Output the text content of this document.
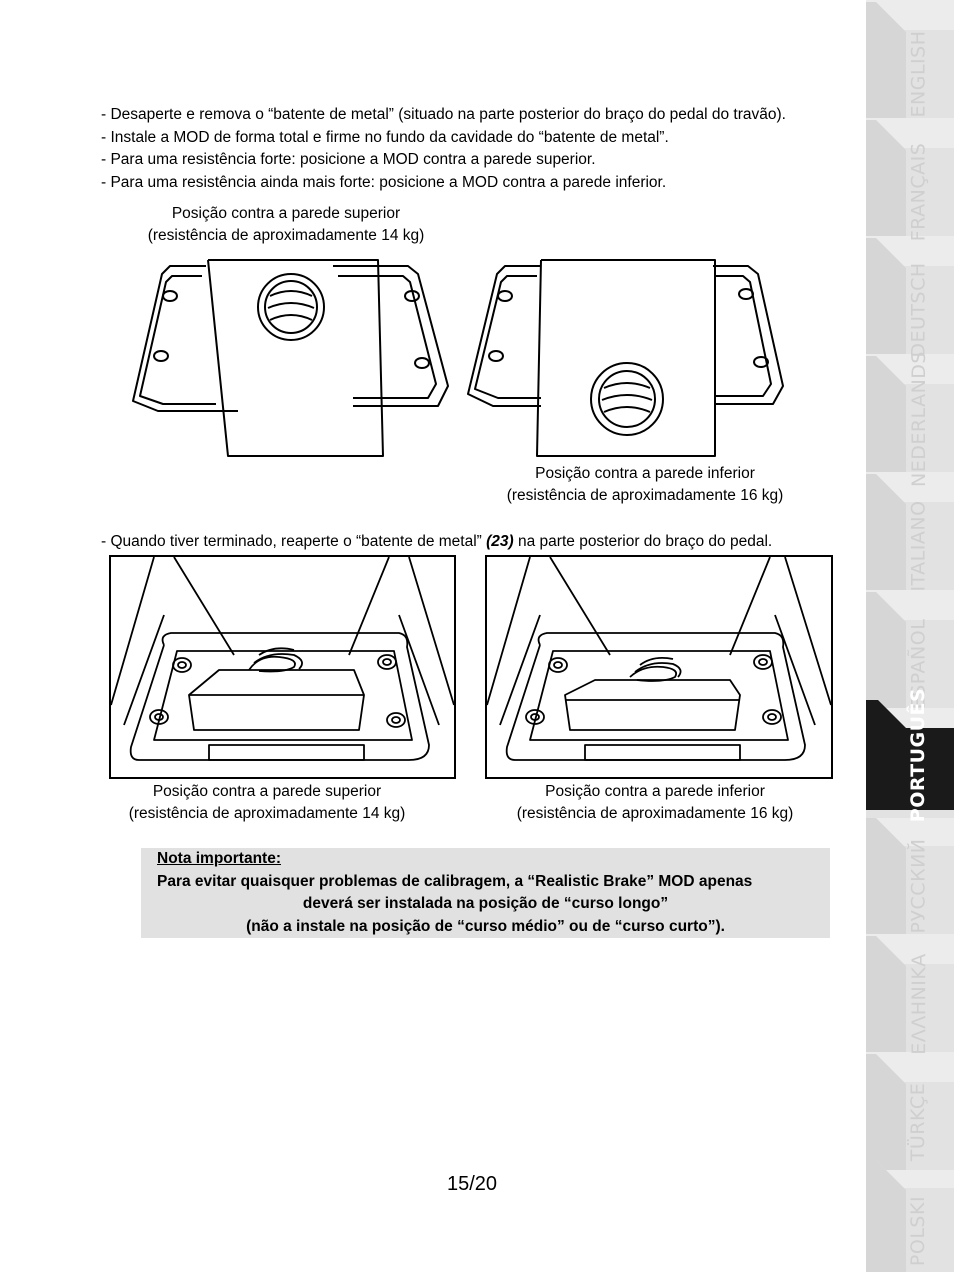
- Desaperte e remova o “batente de metal” (situado na parte posterior do braço do pedal do travão).
- Instale a MOD de forma total e firme no fundo da cavidade do “batente de metal”.
- Para uma resistência forte: posicione a MOD contra a parede superior.
- Para uma resistência ainda mais forte: posicione a MOD contra a parede inferior.
Posição contra a parede superior
(resistência de aproximadamente 14 kg)
Posição contra a parede inferior
(resistência de aproximadamente 16 kg)
- Quando tiver terminado, reaperte o “batente de metal” (23) na parte posterior do braço do pedal.
Posição contra a parede superior
(resistência de aproximadamente 14 kg)
Posição contra a parede inferior
(resistência de aproximadamente 16 kg)
Nota importante:
Para evitar quaisquer problemas de calibragem, a “Realistic Brake” MOD apenas
deverá ser instalada na posição de “curso longo”
(não a instale na posição de “curso médio” ou de “curso curto”).
15/20
ENGLISH
FRANÇAIS
DEUTSCH
NEDERLANDS
ITALIANO
ESPAÑOL
PORTUGUÊS
РУССКИЙ
ΕΛΛΗΝΙΚΑ
TÜRKÇE
POLSKI
